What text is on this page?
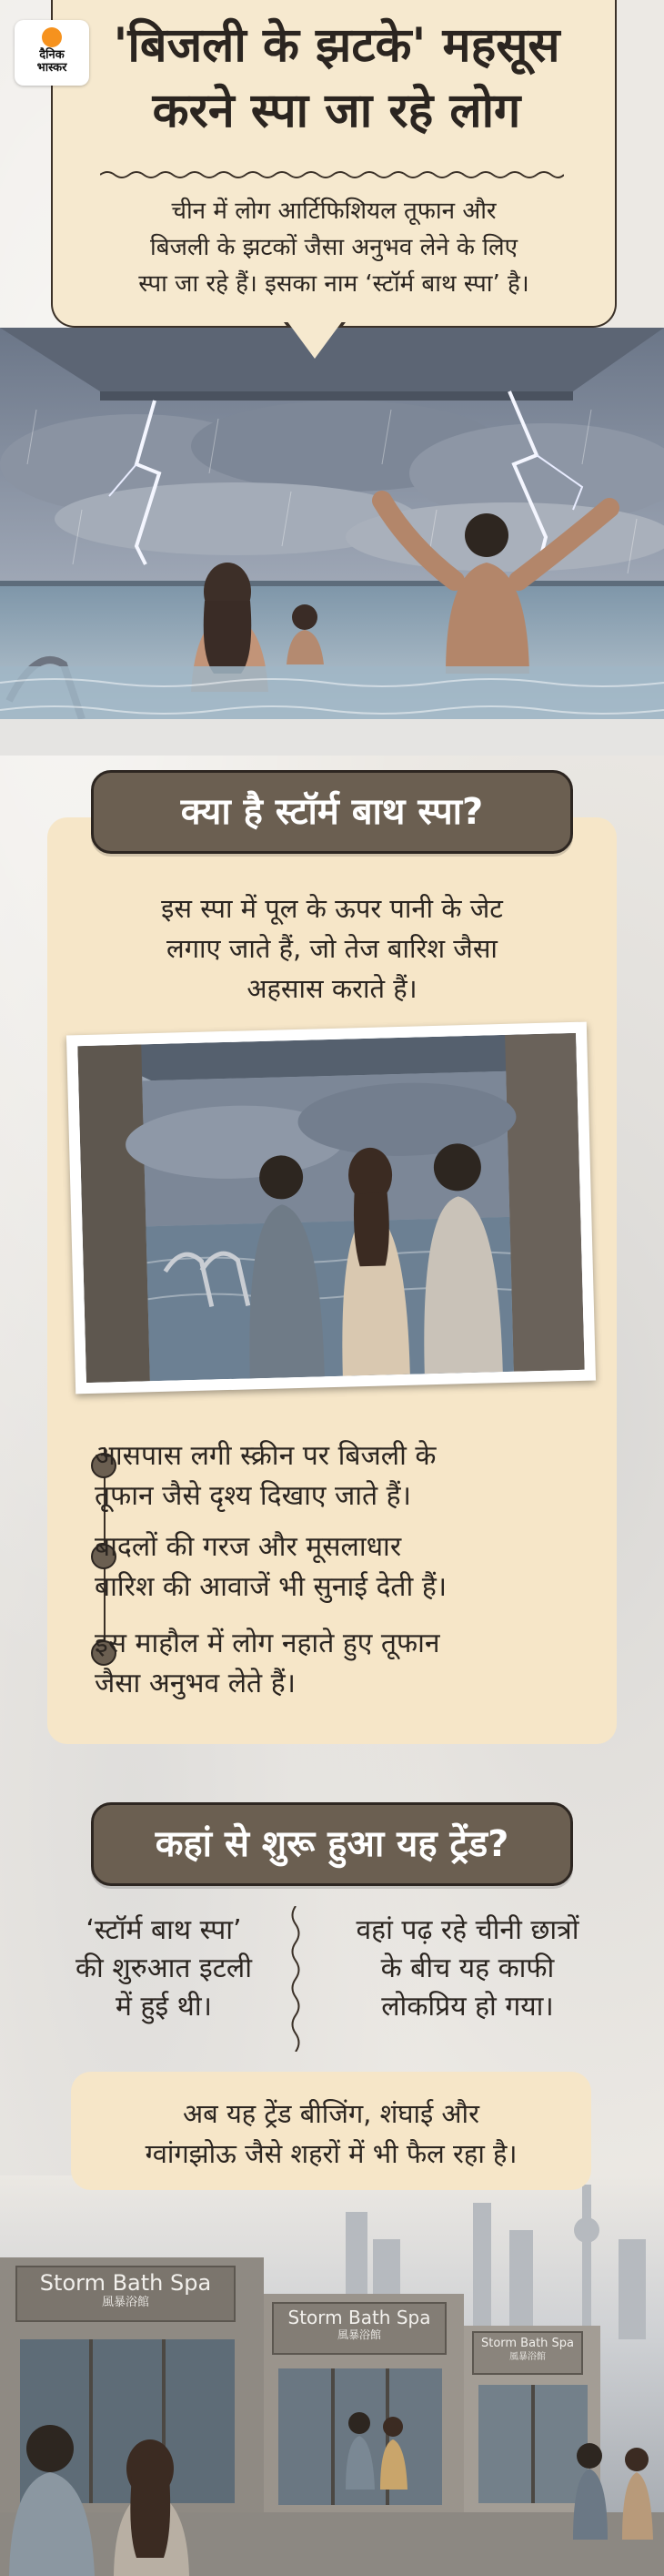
दैनिक
भास्कर 'बिजली के झटके' महसूस
करने स्पा जा रहे लोग
चीन में लोग आर्टिफिशियल तूफान और
बिजली के झटकों जैसा अनुभव लेने के लिए
स्पा जा रहे हैं। इसका नाम ‘स्टॉर्म बाथ स्पा’ है।
क्या है स्टॉर्म बाथ स्पा?
इस स्पा में पूल के ऊपर पानी के जेट
लगाए जाते हैं, जो तेज बारिश जैसा
अहसास कराते हैं।
आसपास लगी स्क्रीन पर बिजली के
तूफान जैसे दृश्य दिखाए जाते हैं।
बादलों की गरज और मूसलाधार
बारिश की आवाजें भी सुनाई देती हैं।
इस माहौल में लोग नहाते हुए तूफान
जैसा अनुभव लेते हैं।
कहां से शुरू हुआ यह ट्रेंड?
‘स्टॉर्म बाथ स्पा’
की शुरुआत इटली
में हुई थी।
वहां पढ़ रहे चीनी छात्रों
के बीच यह काफी
लोकप्रिय हो गया।
Storm Bath Spa
風暴浴館
Storm Bath Spa
風暴浴館
Storm Bath Spa
風暴浴館
अब यह ट्रेंड बीजिंग, शंघाई और
ग्वांगझोऊ जैसे शहरों में भी फैल रहा है।
